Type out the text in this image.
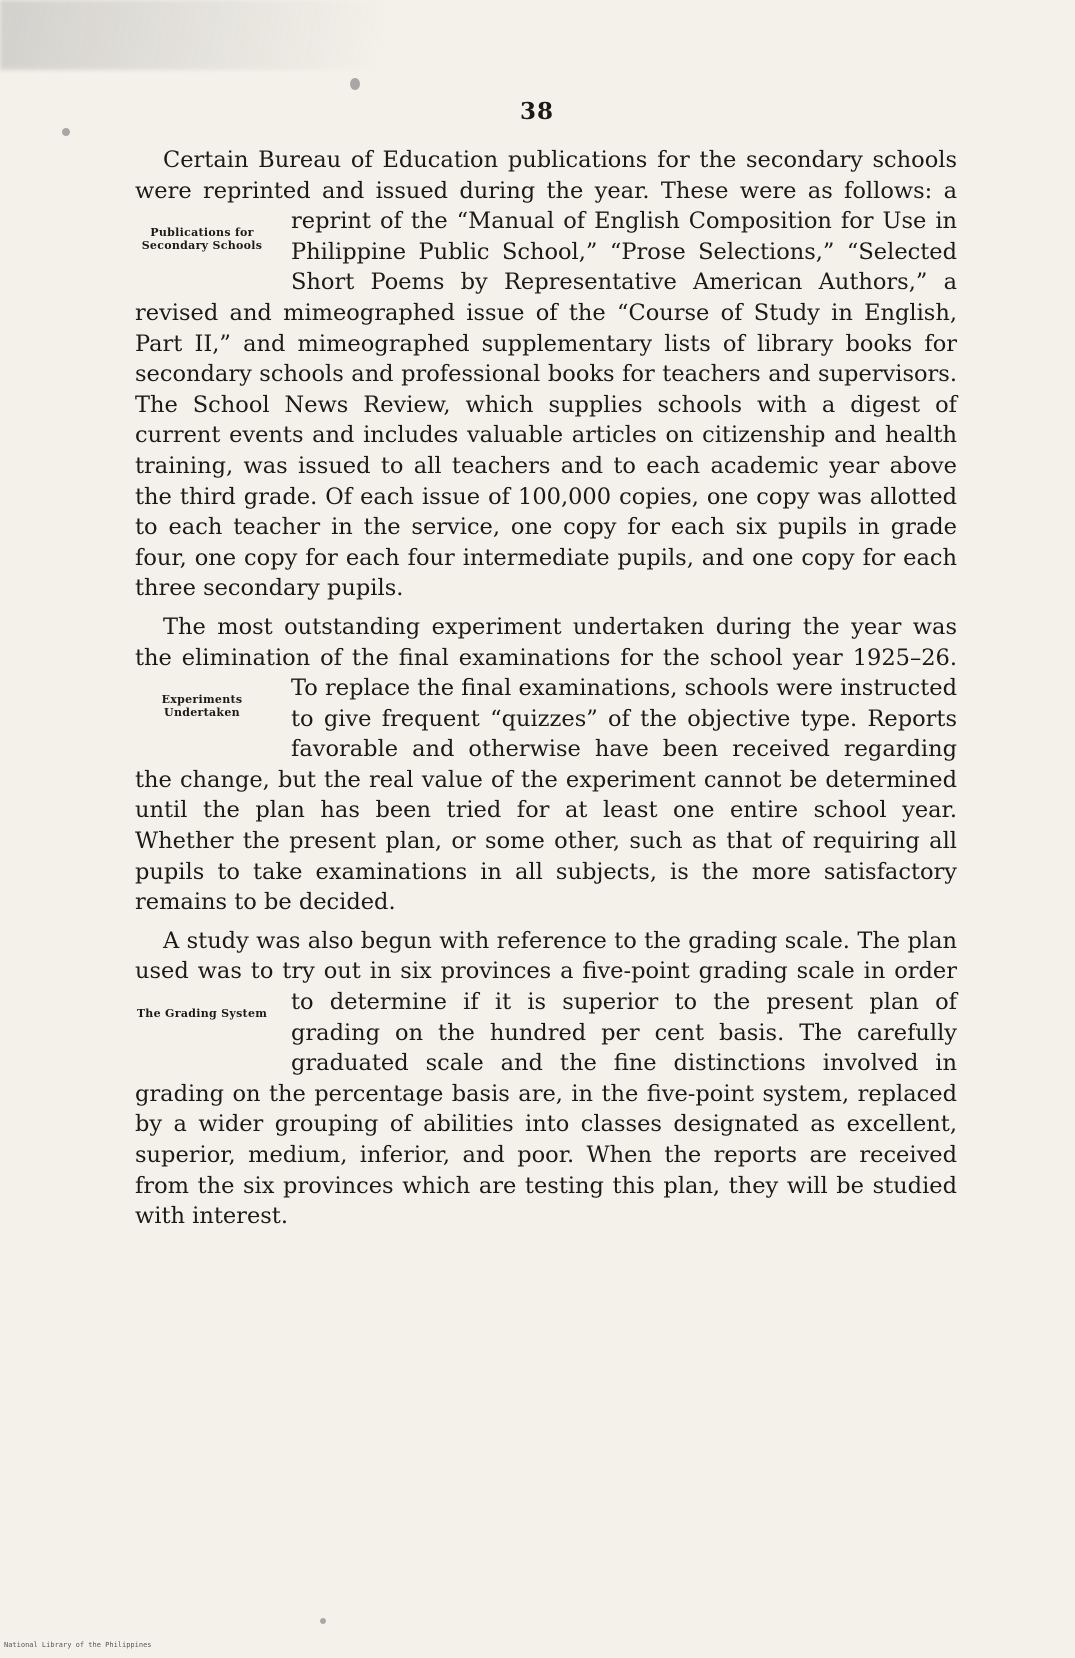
38

Certain Bureau of Education publications for the secondary schools were reprinted and issued during the year. These were as follows: a reprint of the “Manual of English Composition for
Publications for Secondary Schools
Use in Philippine Public School,” “Prose Selections,” “Selected Short Poems by Representative American Authors,” a revised and mimeographed issue of the “Course of Study in English, Part II,” and mimeographed supplementary lists of library books for secondary schools and professional books for teachers and supervisors. The School News Review, which supplies schools with a digest of current events and includes valuable articles on citizenship and health training, was issued to all teachers and to each academic year above the third grade. Of each issue of 100,000 copies, one copy was allotted to each teacher in the service, one copy for each six pupils in grade four, one copy for each four intermediate pupils, and one copy for each three secondary pupils.

The most outstanding experiment undertaken during the year was the elimination of the final examinations for the school year 1925–26. To replace the final examinations, schools were
Experiments Undertaken
instructed to give frequent “quizzes” of the objective type. Reports favorable and otherwise have been received regarding the change, but the real value of the experiment cannot be determined until the plan has been tried for at least one entire school year. Whether the present plan, or some other, such as that of requiring all pupils to take examinations in all subjects, is the more satisfactory remains to be decided.

A study was also begun with reference to the grading scale. The plan used was to try out in six provinces a five-point grading scale in order to determine if it is superior to the present plan
The Grading System	of grading on the hundred per cent basis. The carefully graduated scale and the fine distinctions involved in grading on the percentage basis are, in the five-point system, replaced by a wider grouping of abilities into classes designated as excellent, superior, medium, inferior, and poor. When the reports are received from the six provinces which are testing this plan, they will be studied with interest.

National Library of the Philippines
